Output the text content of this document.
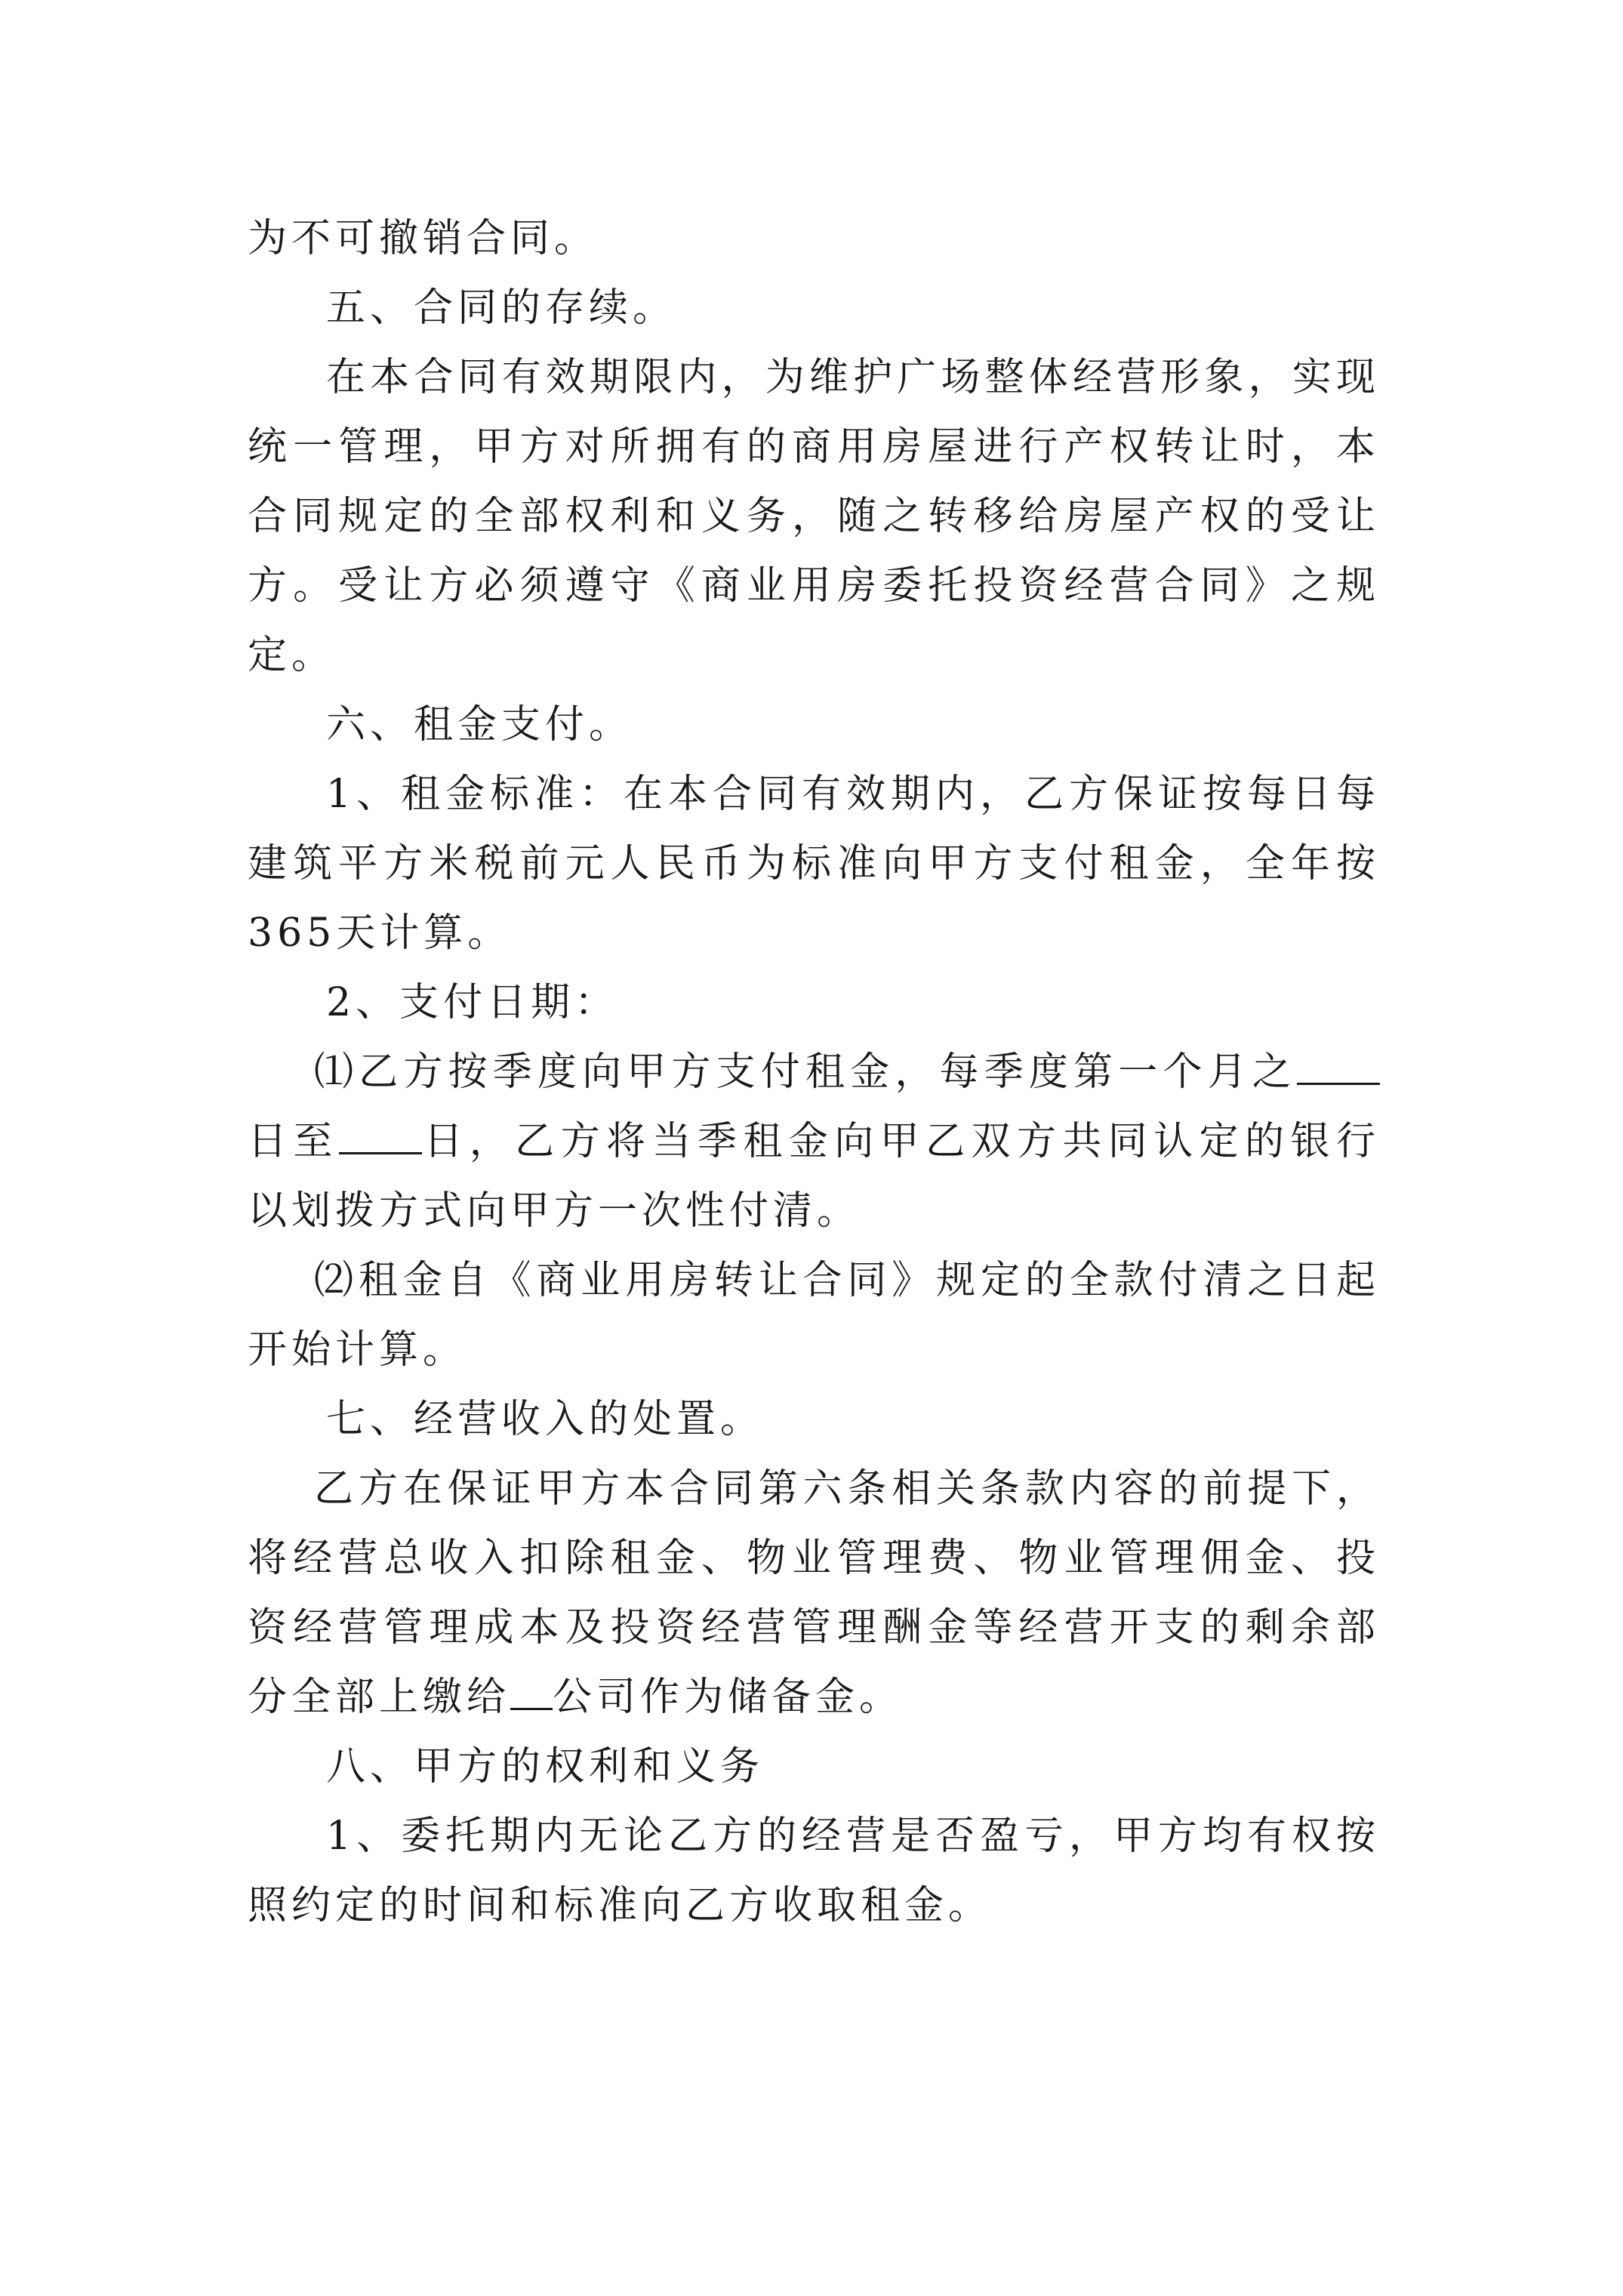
为不可撤销合同。

五、合同的存续。

在本合同有效期限内，为维护广场整体经营形象，实现统一管理，甲方对所拥有的商用房屋进行产权转让时，本合同规定的全部权利和义务，随之转移给房屋产权的受让方。受让方必须遵守《商业用房委托投资经营合同》之规定。

六、租金支付。

1、租金标准：在本合同有效期内，乙方保证按每日每建筑平方米税前元人民币为标准向甲方支付租金，全年按365天计算。

2、支付日期：

⑴乙方按季度向甲方支付租金，每季度第一个月之日至 日，乙方将当季租金向甲乙双方共同认定的银行以划拨方式向甲方一次性付清。

⑵租金自《商业用房转让合同》规定的全款付清之日起开始计算。

七、经营收入的处置。

乙方在保证甲方本合同第六条相关条款内容的前提下，将经营总收入扣除租金、物业管理费、物业管理佣金、投资经营管理成本及投资经营管理酬金等经营开支的剩余部分全部上缴给 公司作为储备金。

八、甲方的权利和义务

1、委托期内无论乙方的经营是否盈亏，甲方均有权按照约定的时间和标准向乙方收取租金。
